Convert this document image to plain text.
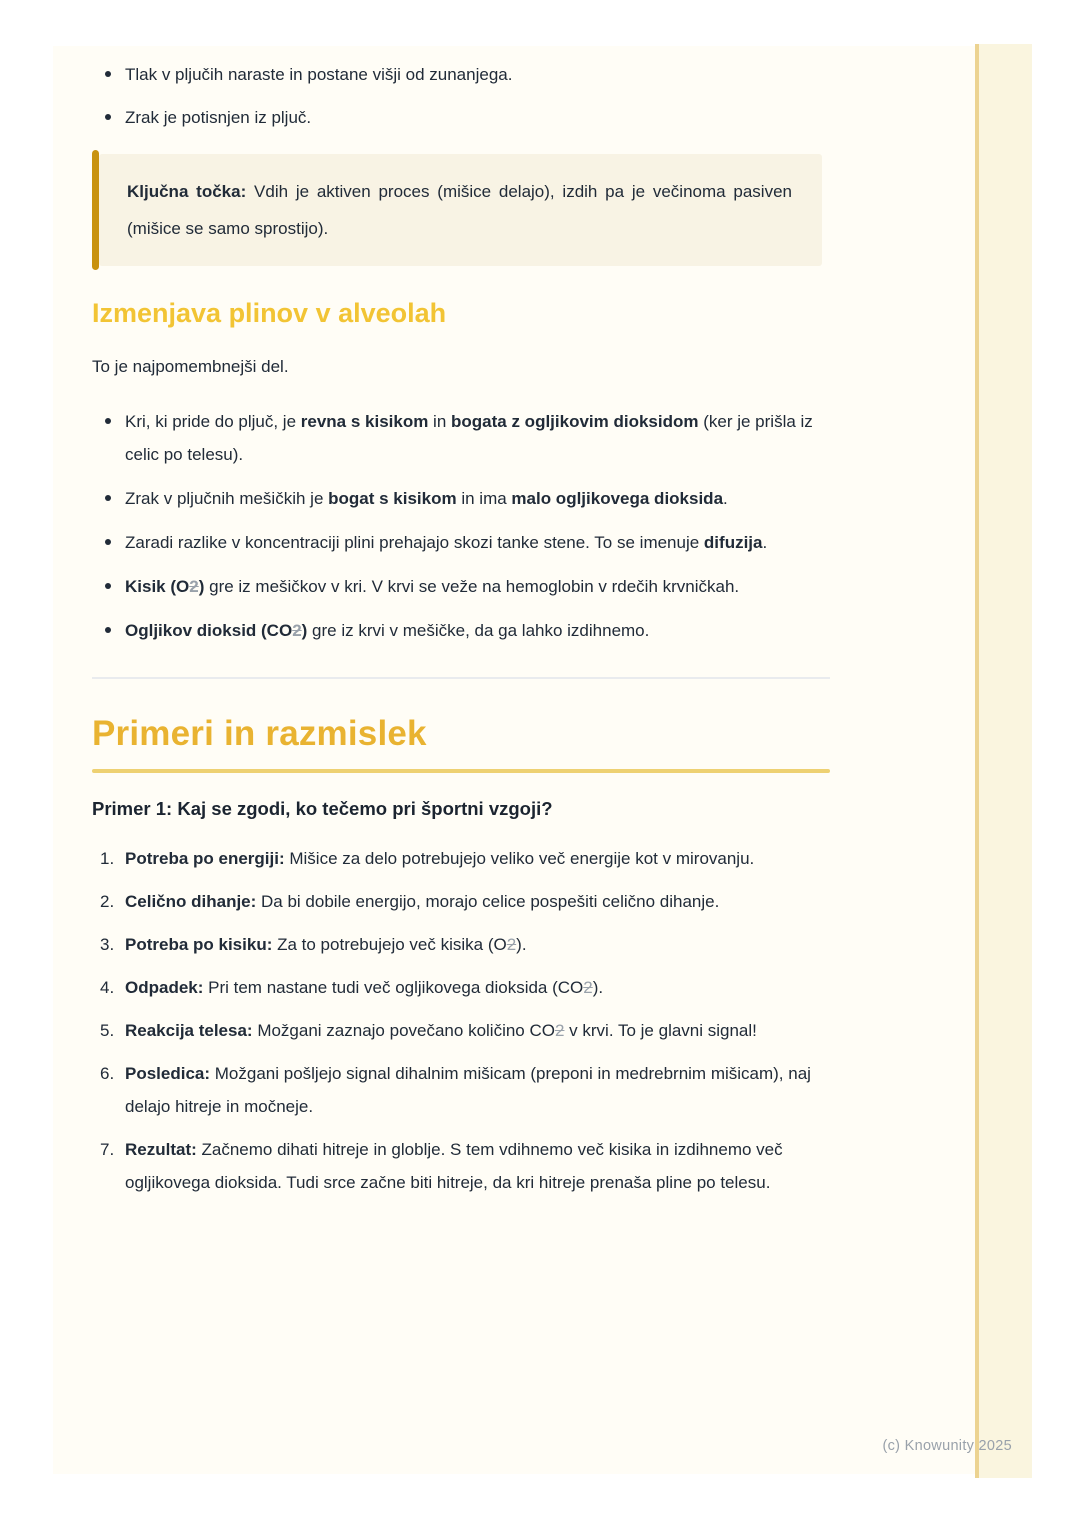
Tlak v pljučih naraste in postane višji od zunanjega.
Zrak je potisnjen iz pljuč.
Ključna točka: Vdih je aktiven proces (mišice delajo), izdih pa je večinoma pasiven (mišice se samo sprostijo).
Izmenjava plinov v alveolah

To je najpomembnejši del.

Kri, ki pride do pljuč, je revna s kisikom in bogata z ogljikovim dioksidom (ker je prišla iz celic po telesu).
Zrak v pljučnih mešičkih je bogat s kisikom in ima malo ogljikovega dioksida.
Zaradi razlike v koncentraciji plini prehajajo skozi tanke stene. To se imenuje difuzija.
Kisik (O2) gre iz mešičkov v kri. V krvi se veže na hemoglobin v rdečih krvničkah.
Ogljikov dioksid (CO2) gre iz krvi v mešičke, da ga lahko izdihnemo.
Primeri in razmislek
Primer 1: Kaj se zgodi, ko tečemo pri športni vzgoji?
Potreba po energiji: Mišice za delo potrebujejo veliko več energije kot v mirovanju.
Celično dihanje: Da bi dobile energijo, morajo celice pospešiti celično dihanje.
Potreba po kisiku: Za to potrebujejo več kisika (O2).
Odpadek: Pri tem nastane tudi več ogljikovega dioksida (CO2).
Reakcija telesa: Možgani zaznajo povečano količino CO2 v krvi. To je glavni signal!
Posledica: Možgani pošljejo signal dihalnim mišicam (preponi in medrebrnim mišicam), naj delajo hitreje in močneje.
Rezultat: Začnemo dihati hitreje in globlje. S tem vdihnemo več kisika in izdihnemo več ogljikovega dioksida. Tudi srce začne biti hitreje, da kri hitreje prenaša pline po telesu.
(c) Knowunity 2025
